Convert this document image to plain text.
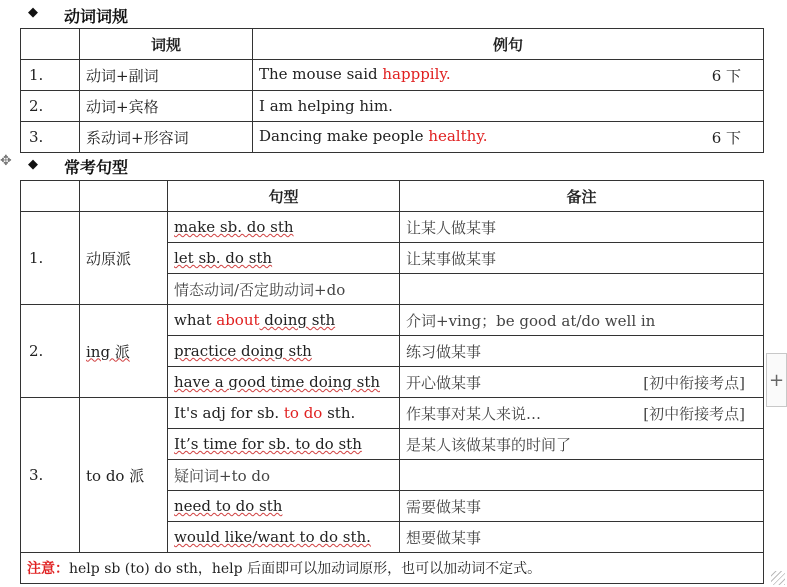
◆ 动词词规
	词规	例句
1.	动词+副词	The mouse said happpily. 6 下

2.	动词+宾格	I am helping him.

3.	系动词+形容词	Dancing make people healthy. 6 下
✥ ◆ 常考句型
		句型	备注
1.	动原派	make sb. do sth	让某人做某事
		let sb. do sth	让某事做某事
		情态动词/否定助动词+do	
2.	ing 派	what about doing sth	介词+ving；be good at/do well in
		practice doing sth	练习做某事
		have a good time doing sth	开心做某事 [初中衔接考点]

3.	to do 派	It's adj for sb. to do sth.	作某事对某人来说… [初中衔接考点]

		It’s time for sb. to do sth	是某人该做某事的时间了
		疑问词+to do	
		need to do sth	需要做某事
		would like/want to do sth.	想要做某事
注意：help sb (to) do sth，help 后面即可以加动词原形，也可以加动词不定式。			
+
